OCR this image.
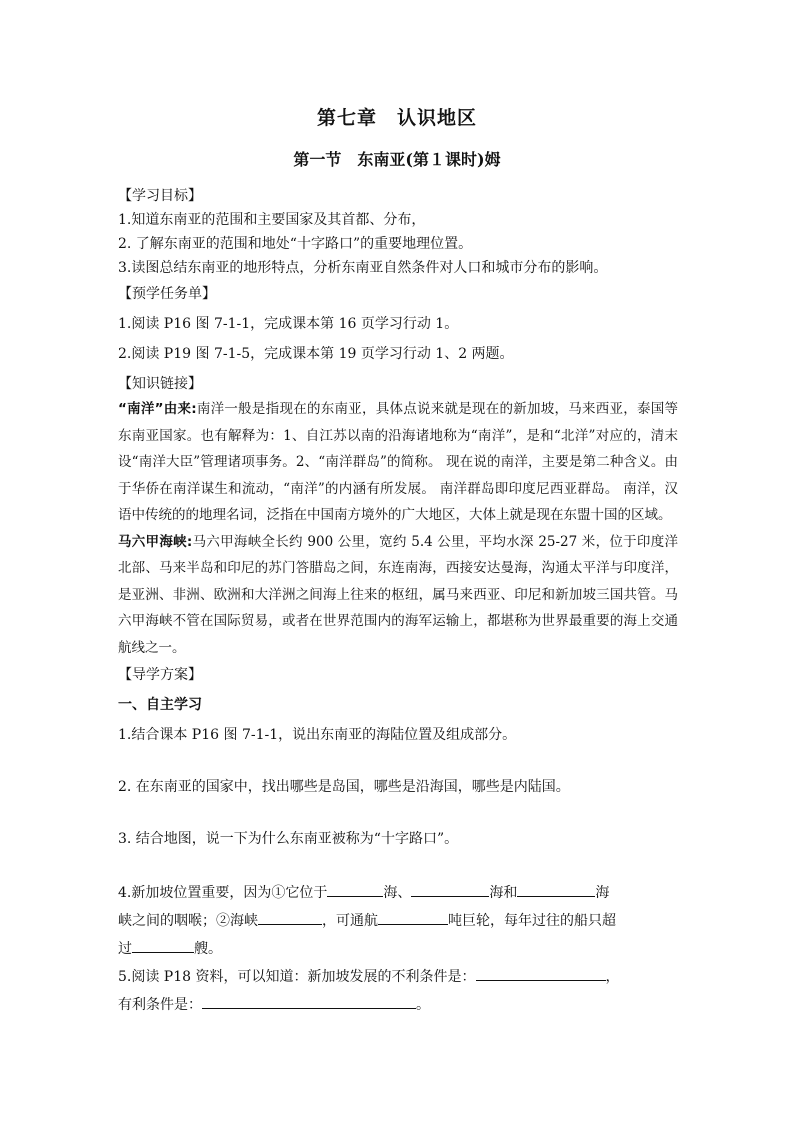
第七章　认识地区
第一节　东南亚(第１课时)姆

【学习目标】

1.知道东南亚的范围和主要国家及其首都、分布，

2. 了解东南亚的范围和地处“十字路口”的重要地理位置。

3.读图总结东南亚的地形特点，分析东南亚自然条件对人口和城市分布的影响。

【预学任务单】

1.阅读 P16 图 7-1-1，完成课本第 16 页学习行动 1。

2.阅读 P19 图 7-1-5，完成课本第 19 页学习行动 1、2 两题。

【知识链接】

“南洋”由来:南洋一般是指现在的东南亚，具体点说来就是现在的新加坡，马来西亚，泰国等东南亚国家。也有解释为：1、自江苏以南的沿海诸地称为“南洋”，是和“北洋”对应的，清末设“南洋大臣”管理诸项事务。2、“南洋群岛”的简称。 现在说的南洋，主要是第二种含义。由于华侨在南洋谋生和流动，“南洋”的内涵有所发展。 南洋群岛即印度尼西亚群岛。 南洋，汉语中传统的的地理名词，泛指在中国南方境外的广大地区，大体上就是现在东盟十国的区域。

马六甲海峡:马六甲海峡全长约 900 公里，宽约 5.4 公里，平均水深 25-27 米，位于印度洋北部、马来半岛和印尼的苏门答腊岛之间，东连南海，西接安达曼海，沟通太平洋与印度洋，是亚洲、非洲、欧洲和大洋洲之间海上往来的枢纽，属马来西亚、印尼和新加坡三国共管。马六甲海峡不管在国际贸易，或者在世界范围内的海军运输上，都堪称为世界最重要的海上交通航线之一。

【导学方案】

一、自主学习

1.结合课本 P16 图 7-1-1，说出东南亚的海陆位置及组成部分。

2. 在东南亚的国家中，找出哪些是岛国，哪些是沿海国，哪些是内陆国。

3. 结合地图，说一下为什么东南亚被称为“十字路口”。

4.新加坡位置重要，因为①它位于	海、	海和	海
峡之间的咽喉；②海峡	，可通航	吨巨轮，每年过往的船只超
过	艘。

5.阅读 P18 资料，可以知道：新加坡发展的不利条件是：	，
有利条件是：	。
